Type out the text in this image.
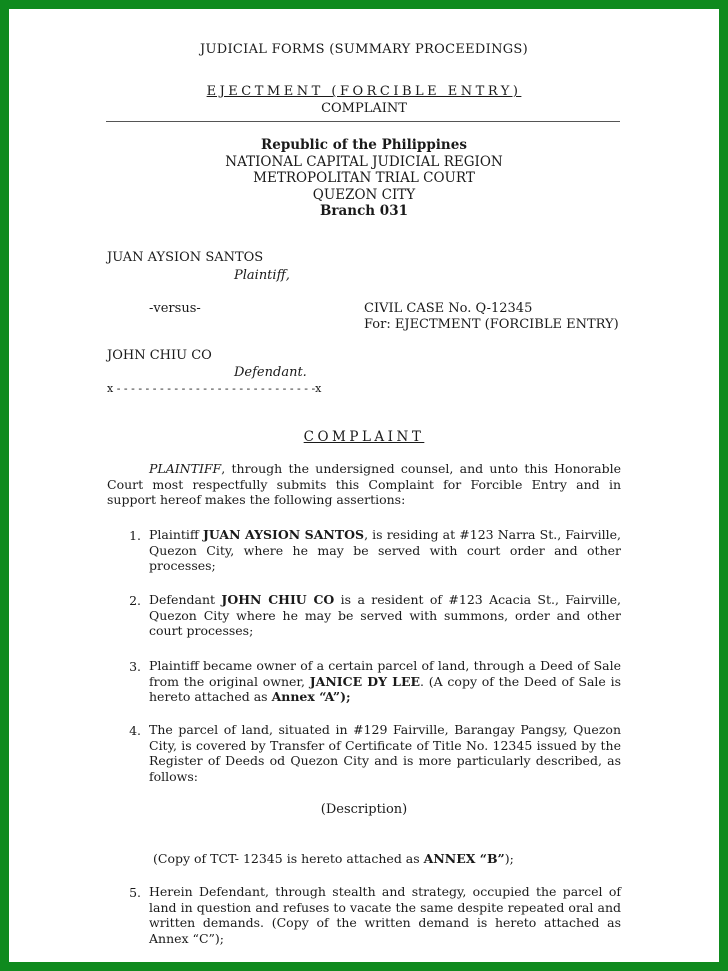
JUDICIAL FORMS (SUMMARY PROCEEDINGS)
EJECTMENT (FORCIBLE ENTRY)
COMPLAINT
Republic of the Philippines
NATIONAL CAPITAL JUDICIAL REGION
METROPOLITAN TRIAL COURT
QUEZON CITY
Branch 031
JUAN AYSION SANTOS
Plaintiff,
-versus-	CIVIL CASE No. Q-12345
For: EJECTMENT (FORCIBLE ENTRY)
JOHN CHIU CO
Defendant.
x - - - - - - - - - - - - - - - - - - - - - - - - - - - -x
COMPLAINT
PLAINTIFF, through the undersigned counsel, and unto this Honorable Court most respectfully submits this Complaint for Forcible Entry and in support hereof makes the following assertions:
1. Plaintiff JUAN AYSION SANTOS, is residing at #123 Narra St., Fairville, Quezon City, where he may be served with court order and other processes;
2. Defendant JOHN CHIU CO is a resident of #123 Acacia St., Fairville, Quezon City where he may be served with summons, order and other court processes;
3. Plaintiff became owner of a certain parcel of land, through a Deed of Sale from the original owner, JANICE DY LEE. (A copy of the Deed of Sale is hereto attached as Annex “A”);
4. The parcel of land, situated in #129 Fairville, Barangay Pangsy, Quezon City, is covered by Transfer of Certificate of Title No. 12345 issued by the Register of Deeds od Quezon City and is more particularly described, as follows:
(Description)
(Copy of TCT- 12345 is hereto attached as ANNEX “B”);
5. Herein Defendant, through stealth and strategy, occupied the parcel of land in question and refuses to vacate the same despite repeated oral and written demands. (Copy of the written demand is hereto attached as Annex “C”);
